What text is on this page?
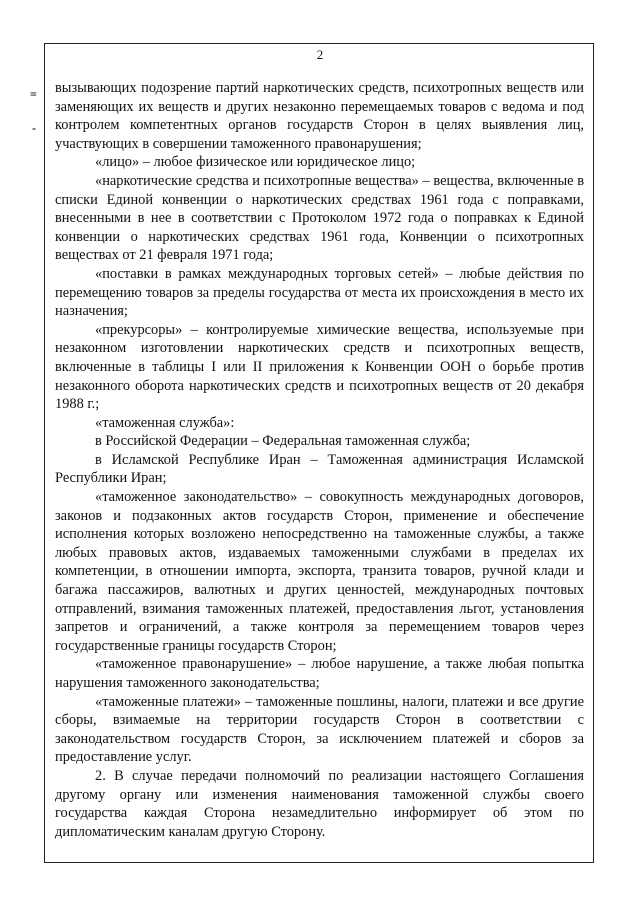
2
=
-

вызывающих подозрение партий наркотических средств, психотропных веществ или заменяющих их веществ и других незаконно перемещаемых товаров с ведома и под контролем компетентных органов государств Сторон в целях выявления лиц, участвующих в совершении таможенного правонарушения;

«лицо» – любое физическое или юридическое лицо;

«наркотические средства и психотропные вещества» – вещества, включенные в списки Единой конвенции о наркотических средствах 1961 года с поправками, внесенными в нее в соответствии с Протоколом 1972 года о поправках к Единой конвенции о наркотических средствах 1961 года, Конвенции о психотропных веществах от 21 февраля 1971 года;

«поставки в рамках международных торговых сетей» – любые действия по перемещению товаров за пределы государства от места их происхождения в место их назначения;

«прекурсоры» – контролируемые химические вещества, используемые при незаконном изготовлении наркотических средств и психотропных веществ, включенные в таблицы I или II приложения к Конвенции ООН о борьбе против незаконного оборота наркотических средств и психотропных веществ от 20 декабря 1988 г.;

«таможенная служба»:

в Российской Федерации – Федеральная таможенная служба;

в Исламской Республике Иран – Таможенная администрация Исламской Республики Иран;

«таможенное законодательство» – совокупность международных договоров, законов и подзаконных актов государств Сторон, применение и обеспечение исполнения которых возложено непосредственно на таможенные службы, а также любых правовых актов, издаваемых таможенными службами в пределах их компетенции, в отношении импорта, экспорта, транзита товаров, ручной клади и багажа пассажиров, валютных и других ценностей, международных почтовых отправлений, взимания таможенных платежей, предоставления льгот, установления запретов и ограничений, а также контроля за перемещением товаров через государственные границы государств Сторон;

«таможенное правонарушение» – любое нарушение, а также любая попытка нарушения таможенного законодательства;

«таможенные платежи» – таможенные пошлины, налоги, платежи и все другие сборы, взимаемые на территории государств Сторон в соответствии с законодательством государств Сторон, за исключением платежей и сборов за предоставление услуг.

2. В случае передачи полномочий по реализации настоящего Соглашения другому органу или изменения наименования таможенной службы своего государства каждая Сторона незамедлительно информирует об этом по дипломатическим каналам другую Сторону.
